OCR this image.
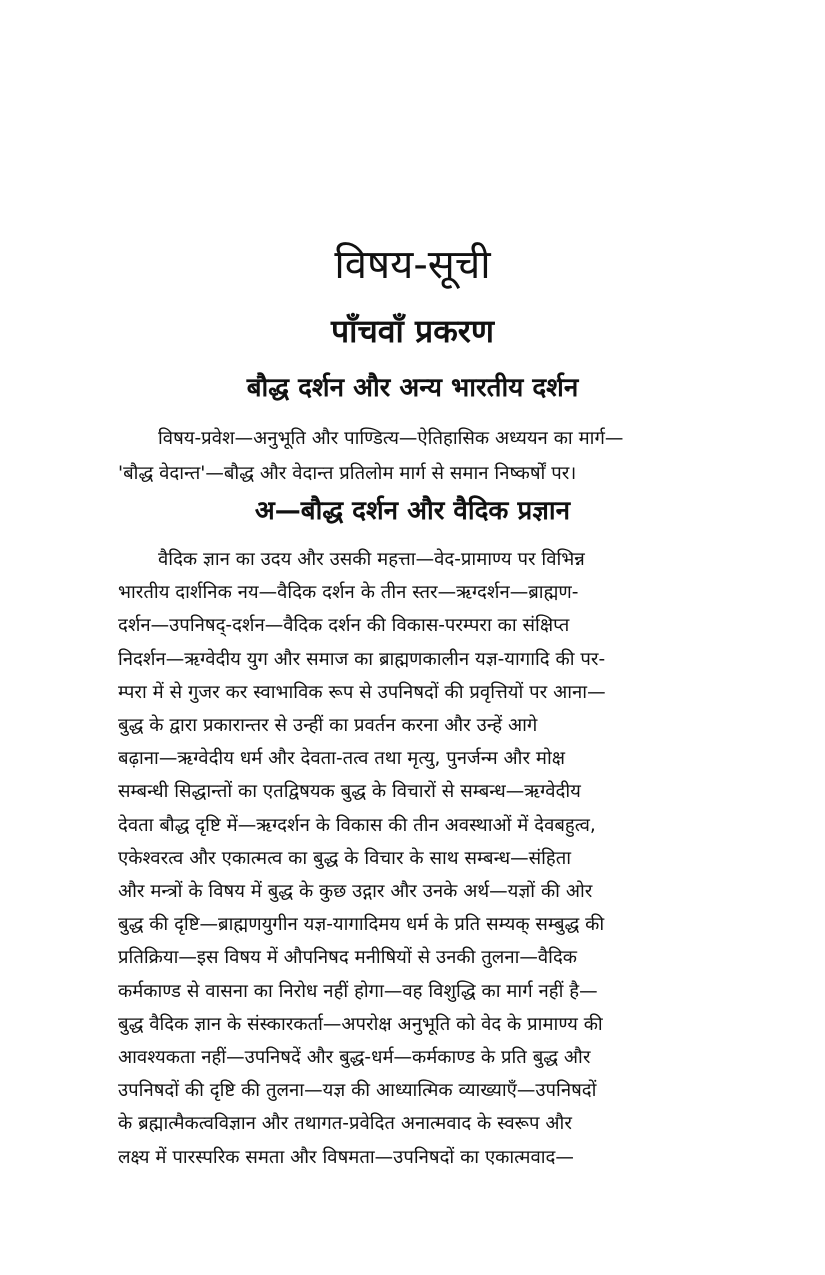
विषय-सूची
पाँचवाँ प्रकरण
बौद्ध दर्शन और अन्य भारतीय दर्शन
विषय-प्रवेश—अनुभूति और पाण्डित्य—ऐतिहासिक अध्ययन का मार्ग—
'बौद्ध वेदान्त'—बौद्ध और वेदान्त प्रतिलोम मार्ग से समान निष्कर्षों पर।
अ—बौद्ध दर्शन और वैदिक प्रज्ञान
वैदिक ज्ञान का उदय और उसकी महत्ता—वेद-प्रामाण्य पर विभिन्न
भारतीय दार्शनिक नय—वैदिक दर्शन के तीन स्तर—ऋग्दर्शन—ब्राह्मण-
दर्शन—उपनिषद्-दर्शन—वैदिक दर्शन की विकास-परम्परा का संक्षिप्त
निदर्शन—ऋग्वेदीय युग और समाज का ब्राह्मणकालीन यज्ञ-यागादि की पर-
म्परा में से गुजर कर स्वाभाविक रूप से उपनिषदों की प्रवृत्तियों पर आना—
बुद्ध के द्वारा प्रकारान्तर से उन्हीं का प्रवर्तन करना और उन्हें आगे
बढ़ाना—ऋग्वेदीय धर्म और देवता-तत्व तथा मृत्यु, पुनर्जन्म और मोक्ष
सम्बन्धी सिद्धान्तों का एतद्विषयक बुद्ध के विचारों से सम्बन्ध—ऋग्वेदीय
देवता बौद्ध दृष्टि में—ऋग्दर्शन के विकास की तीन अवस्थाओं में देवबहुत्व,
एकेश्वरत्व और एकात्मत्व का बुद्ध के विचार के साथ सम्बन्ध—संहिता
और मन्त्रों के विषय में बुद्ध के कुछ उद्गार और उनके अर्थ—यज्ञों की ओर
बुद्ध की दृष्टि—ब्राह्मणयुगीन यज्ञ-यागादिमय धर्म के प्रति सम्यक् सम्बुद्ध की
प्रतिक्रिया—इस विषय में औपनिषद मनीषियों से उनकी तुलना—वैदिक
कर्मकाण्ड से वासना का निरोध नहीं होगा—वह विशुद्धि का मार्ग नहीं है—
बुद्ध वैदिक ज्ञान के संस्कारकर्ता—अपरोक्ष अनुभूति को वेद के प्रामाण्य की
आवश्यकता नहीं—उपनिषदें और बुद्ध-धर्म—कर्मकाण्ड के प्रति बुद्ध और
उपनिषदों की दृष्टि की तुलना—यज्ञ की आध्यात्मिक व्याख्याएँ—उपनिषदों
के ब्रह्मात्मैकत्वविज्ञान और तथागत-प्रवेदित अनात्मवाद के स्वरूप और
लक्ष्य में पारस्परिक समता और विषमता—उपनिषदों का एकात्मवाद—
